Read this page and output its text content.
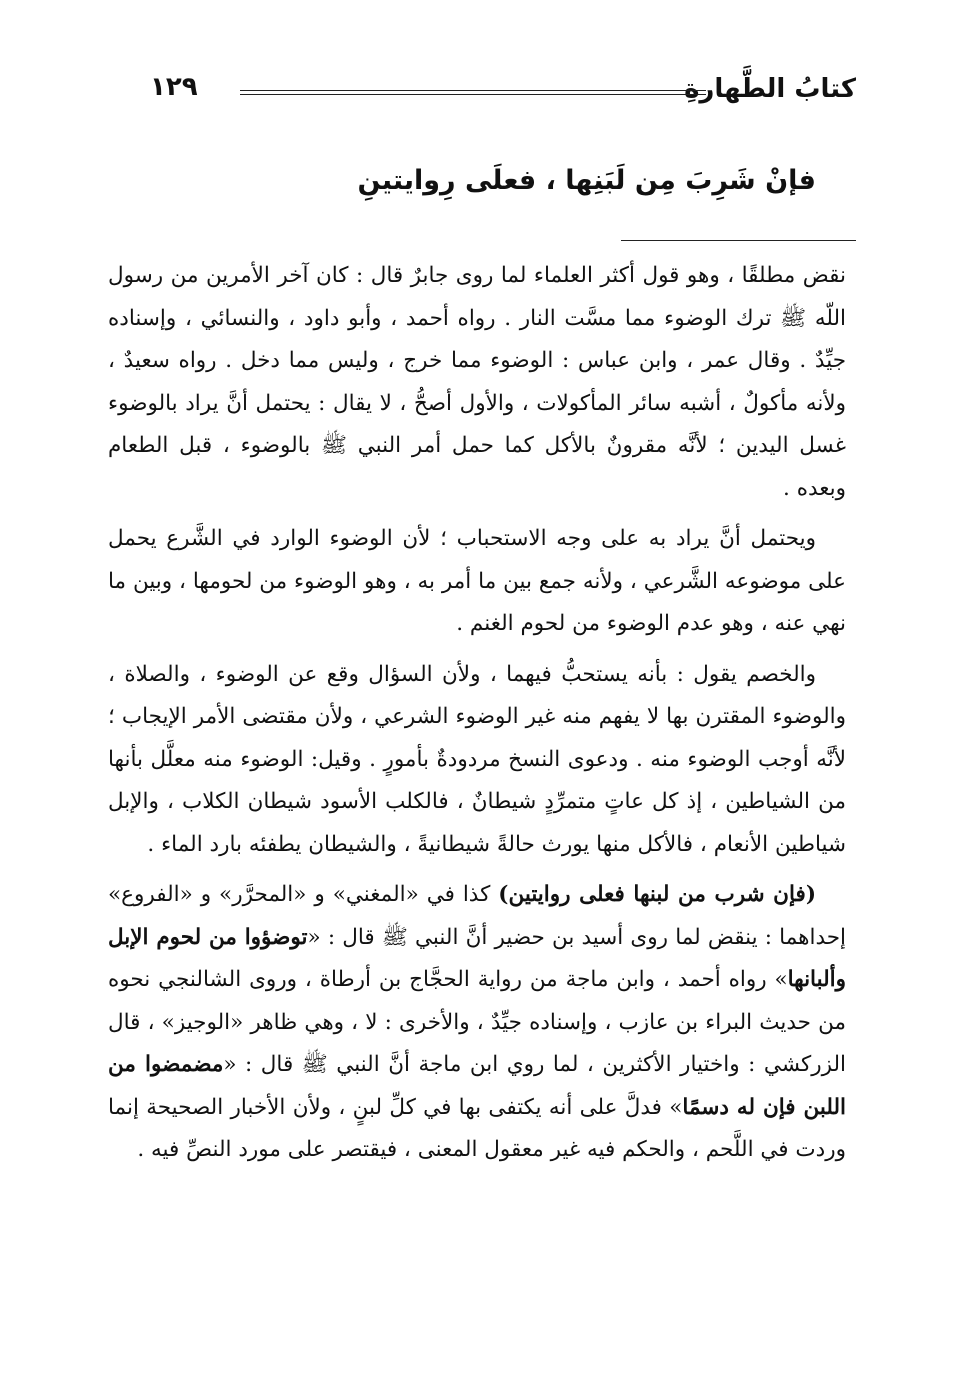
كتابُ الطَّهارةِ
١٢٩
فإنْ شَرِبَ مِن لَبَنِها ، فعلَى رِوايتينِ

نقض مطلقًا ، وهو قول أكثر العلماء لما روى جابرٌ قال : كان آخر الأمرين من رسول اللّه ﷺ ترك الوضوء مما مسَّت النار . رواه أحمد ، وأبو داود ، والنسائي ، وإسناده جيِّدٌ . وقال عمر ، وابن عباس : الوضوء مما خرج ، وليس مما دخل . رواه سعيدٌ ، ولأنه مأكولٌ ، أشبه سائر المأكولات ، والأول أصحُّ ، لا يقال : يحتمل أنَّ يراد بالوضوء غسل اليدين ؛ لأنَّه مقرونٌ بالأكل كما حمل أمر النبي ﷺ بالوضوء ، قبل الطعام وبعده .

ويحتمل أنَّ يراد به على وجه الاستحباب ؛ لأن الوضوء الوارد في الشَّرع يحمل على موضوعه الشَّرعي ، ولأنه جمع بين ما أمر به ، وهو الوضوء من لحومها ، وبين ما نهي عنه ، وهو عدم الوضوء من لحوم الغنم .

والخصم يقول : بأنه يستحبُّ فيهما ، ولأن السؤال وقع عن الوضوء ، والصلاة ، والوضوء المقترن بها لا يفهم منه غير الوضوء الشرعي ، ولأن مقتضى الأمر الإيجاب ؛ لأنَّه أوجب الوضوء منه . ودعوى النسخ مردودةٌ بأمورٍ . وقيل: الوضوء منه معلَّل بأنها من الشياطين ، إذ كل عاتٍ متمرِّدٍ شيطانٌ ، فالكلب الأسود شيطان الكلاب ، والإبل شياطين الأنعام ، فالأكل منها يورث حالةً شيطانيةً ، والشيطان يطفئه بارد الماء .

( فإن شرب من لبنها فعلى روايتين ) كذا في «المغني» و «المحرَّر» و «الفروع» إحداهما : ينقض لما روى أسيد بن حضير أنَّ النبي ﷺ قال : «توضؤوا من لحوم الإبل وألبانها» رواه أحمد ، وابن ماجة من رواية الحجَّاج بن أرطاة ، وروى الشالنجي نحوه من حديث البراء بن عازب ، وإسناده جيِّدٌ ، والأخرى : لا ، وهي ظاهر «الوجيز» ، قال الزركشي : واختيار الأكثرين ، لما روي ابن ماجة أنَّ النبي ﷺ قال : «مضمضوا من اللبن فإن له دسمًا» فدلَّ على أنه يكتفى بها في كلِّ لبنٍ ، ولأن الأخبار الصحيحة إنما وردت في اللَّحم ، والحكم فيه غير معقول المعنى ، فيقتصر على مورد النصِّ فيه .
